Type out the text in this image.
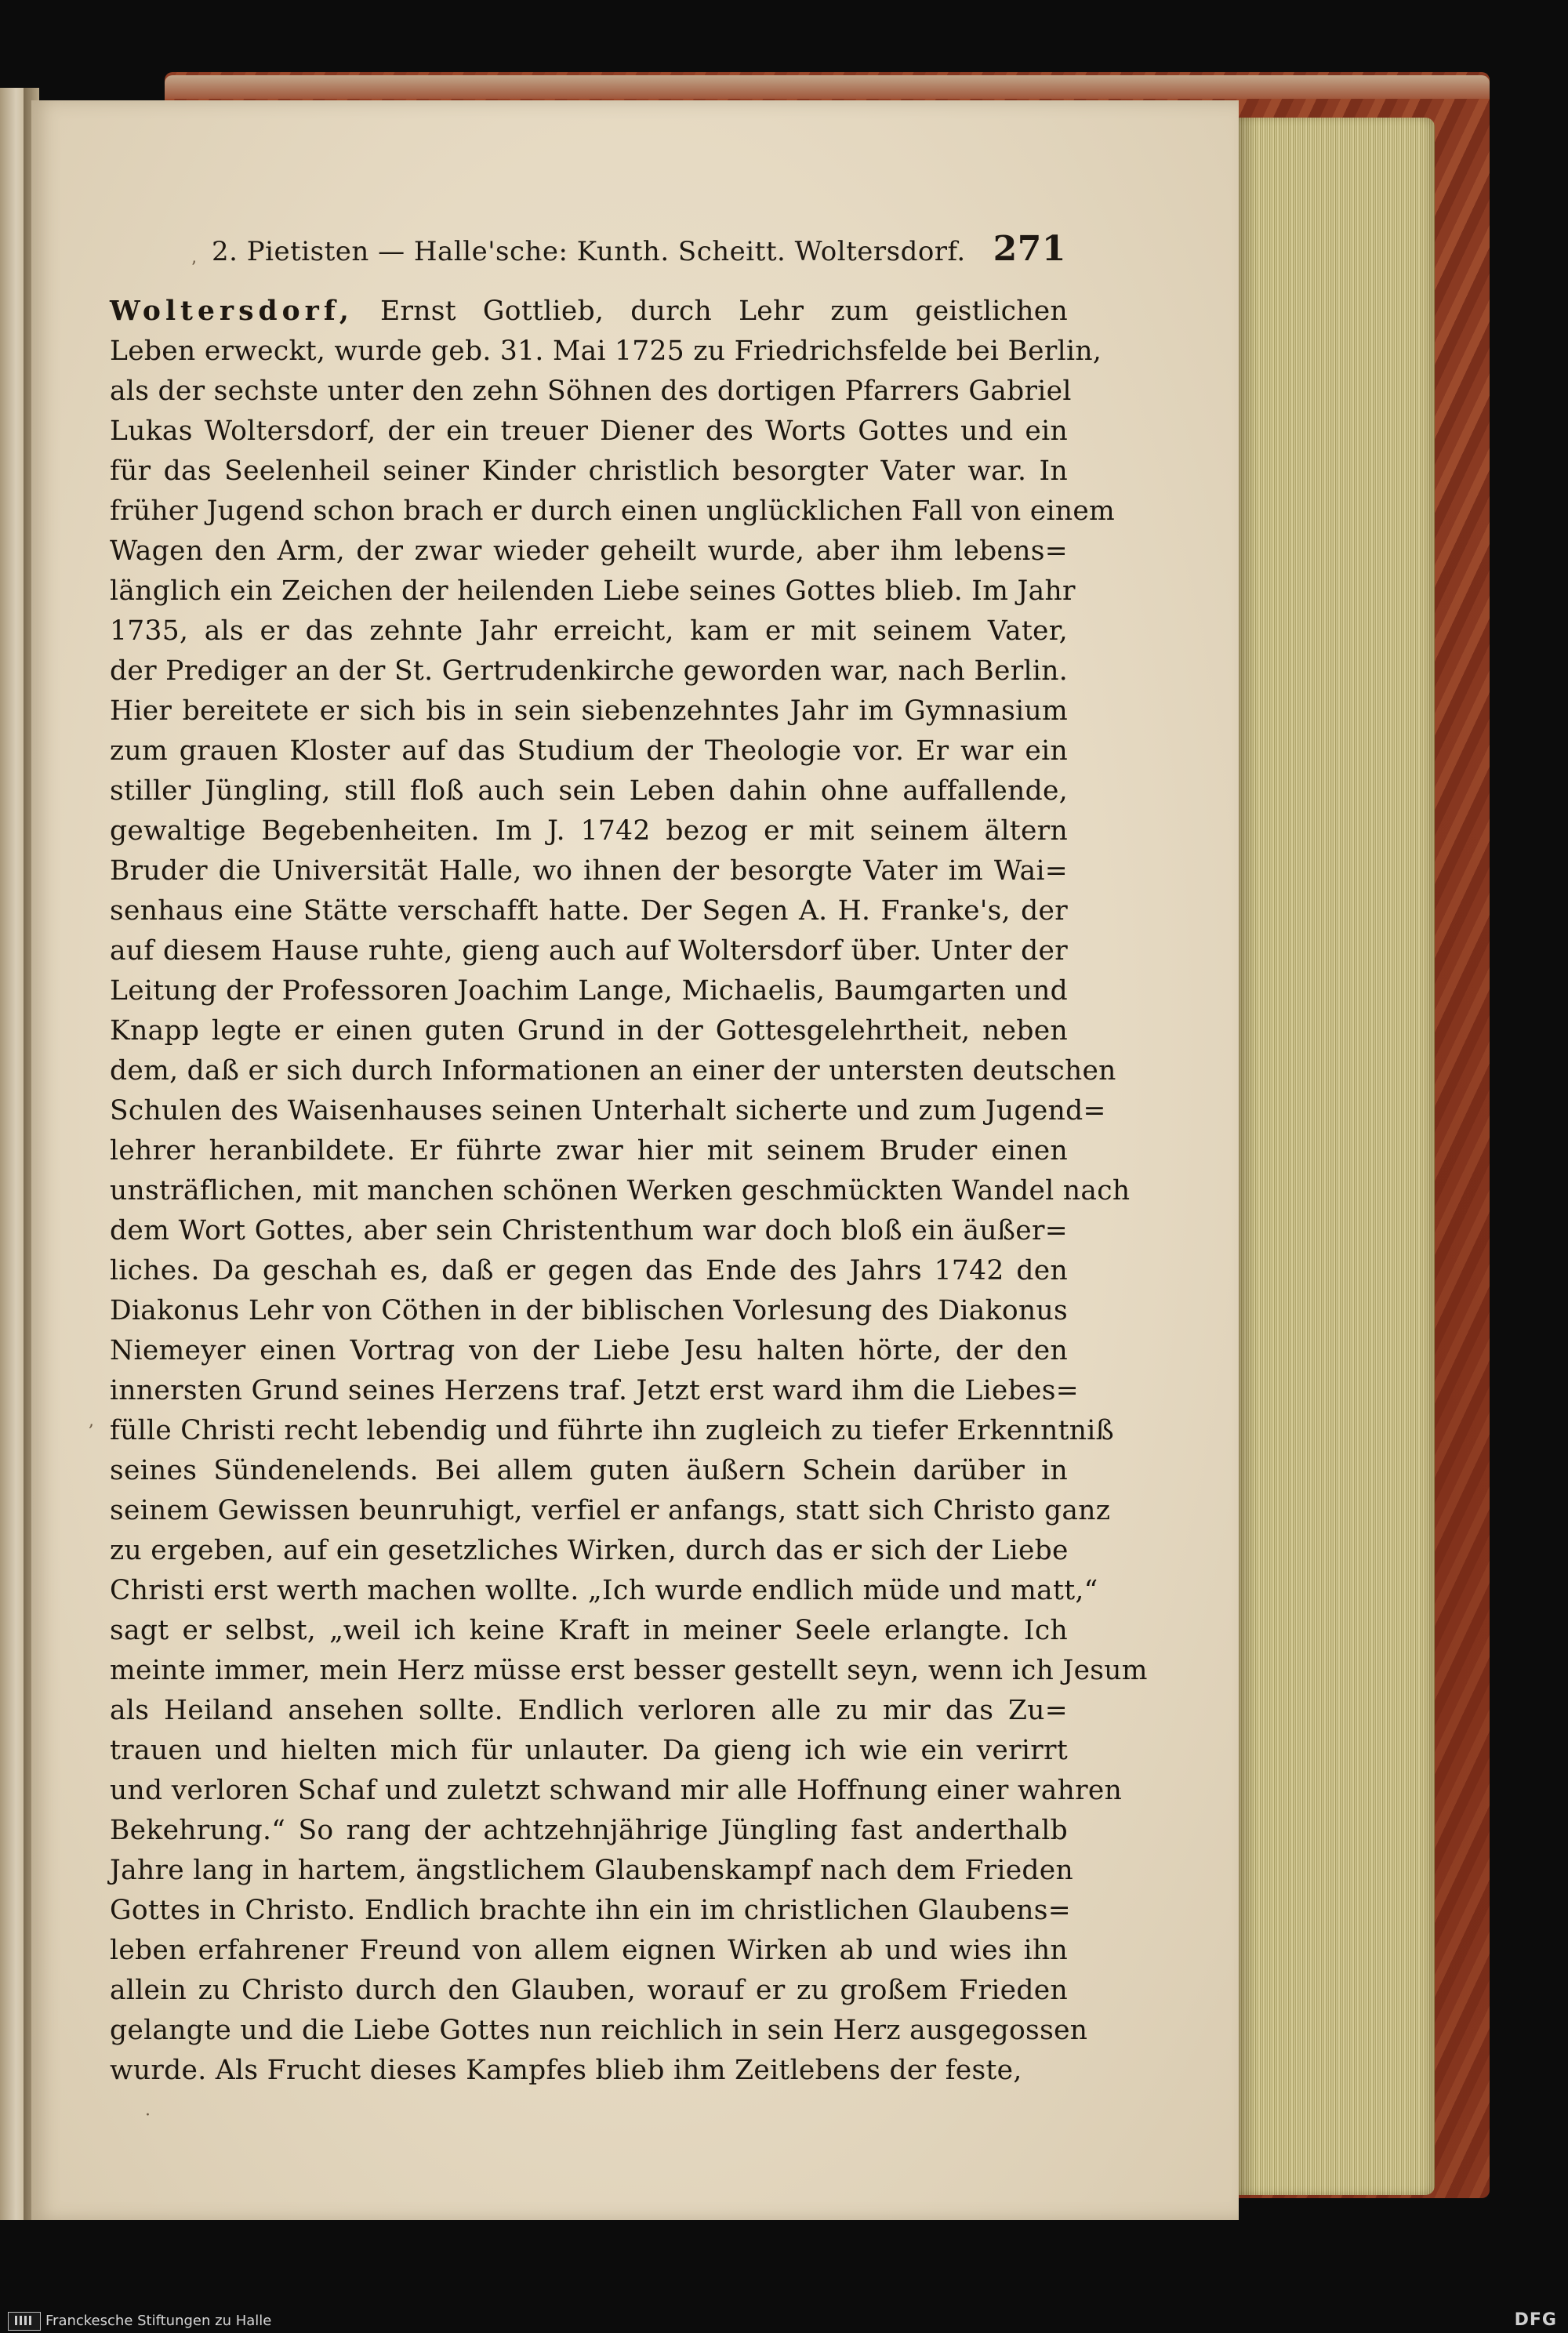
2. Pietisten — Halle'sche: Kunth. Scheitt. Woltersdorf. 271
Woltersdorf, Ernst Gottlieb, durch Lehr zum geistlichen
Leben erweckt, wurde geb. 31. Mai 1725 zu Friedrichsfelde bei Berlin,
als der sechste unter den zehn Söhnen des dortigen Pfarrers Gabriel
Lukas Woltersdorf, der ein treuer Diener des Worts Gottes und ein
für das Seelenheil seiner Kinder christlich besorgter Vater war. In
früher Jugend schon brach er durch einen unglücklichen Fall von einem
Wagen den Arm, der zwar wieder geheilt wurde, aber ihm lebens=
länglich ein Zeichen der heilenden Liebe seines Gottes blieb. Im Jahr
1735, als er das zehnte Jahr erreicht, kam er mit seinem Vater,
der Prediger an der St. Gertrudenkirche geworden war, nach Berlin.
Hier bereitete er sich bis in sein siebenzehntes Jahr im Gymnasium
zum grauen Kloster auf das Studium der Theologie vor. Er war ein
stiller Jüngling, still floß auch sein Leben dahin ohne auffallende,
gewaltige Begebenheiten. Im J. 1742 bezog er mit seinem ältern
Bruder die Universität Halle, wo ihnen der besorgte Vater im Wai=
senhaus eine Stätte verschafft hatte. Der Segen A. H. Franke's, der
auf diesem Hause ruhte, gieng auch auf Woltersdorf über. Unter der
Leitung der Professoren Joachim Lange, Michaelis, Baumgarten und
Knapp legte er einen guten Grund in der Gottesgelehrtheit, neben
dem, daß er sich durch Informationen an einer der untersten deutschen
Schulen des Waisenhauses seinen Unterhalt sicherte und zum Jugend=
lehrer heranbildete. Er führte zwar hier mit seinem Bruder einen
unsträflichen, mit manchen schönen Werken geschmückten Wandel nach
dem Wort Gottes, aber sein Christenthum war doch bloß ein äußer=
liches. Da geschah es, daß er gegen das Ende des Jahrs 1742 den
Diakonus Lehr von Cöthen in der biblischen Vorlesung des Diakonus
Niemeyer einen Vortrag von der Liebe Jesu halten hörte, der den
innersten Grund seines Herzens traf. Jetzt erst ward ihm die Liebes=
fülle Christi recht lebendig und führte ihn zugleich zu tiefer Erkenntniß
seines Sündenelends. Bei allem guten äußern Schein darüber in
seinem Gewissen beunruhigt, verfiel er anfangs, statt sich Christo ganz
zu ergeben, auf ein gesetzliches Wirken, durch das er sich der Liebe
Christi erst werth machen wollte. „Ich wurde endlich müde und matt,“
sagt er selbst, „weil ich keine Kraft in meiner Seele erlangte. Ich
meinte immer, mein Herz müsse erst besser gestellt seyn, wenn ich Jesum
als Heiland ansehen sollte. Endlich verloren alle zu mir das Zu=
trauen und hielten mich für unlauter. Da gieng ich wie ein verirrt
und verloren Schaf und zuletzt schwand mir alle Hoffnung einer wahren
Bekehrung.“ So rang der achtzehnjährige Jüngling fast anderthalb
Jahre lang in hartem, ängstlichem Glaubenskampf nach dem Frieden
Gottes in Christo. Endlich brachte ihn ein im christlichen Glaubens=
leben erfahrener Freund von allem eignen Wirken ab und wies ihn
allein zu Christo durch den Glauben, worauf er zu großem Frieden
gelangte und die Liebe Gottes nun reichlich in sein Herz ausgegossen
wurde. Als Frucht dieses Kampfes blieb ihm Zeitlebens der feste,
ʼ
,
·
Franckesche Stiftungen zu Halle	DFG
